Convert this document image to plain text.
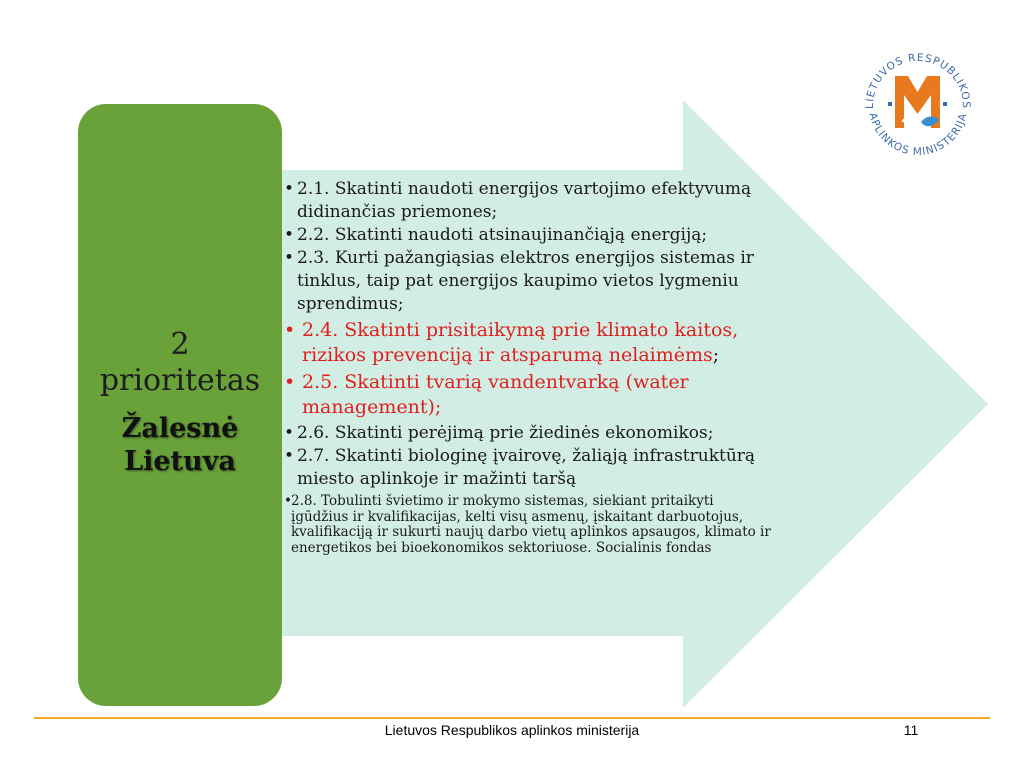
2
prioritetas
Žalesnė
Lietuva
• 2.1. Skatinti naudoti energijos vartojimo efektyvumą didinančias priemones;
• 2.2. Skatinti naudoti atsinaujinančiąją energiją;
• 2.3. Kurti pažangiąsias elektros energijos sistemas ir tinklus, taip pat energijos kaupimo vietos lygmeniu sprendimus;
• 2.4. Skatinti prisitaikymą prie klimato kaitos, rizikos prevenciją ir atsparumą nelaimėms;
• 2.5. Skatinti tvarią vandentvarką (water management);
• 2.6. Skatinti perėjimą prie žiedinės ekonomikos;
• 2.7. Skatinti biologinę įvairovę, žaliąją infrastruktūrą miesto aplinkoje ir mažinti taršą
• 2.8. Tobulinti švietimo ir mokymo sistemas, siekiant pritaikyti įgūdžius ir kvalifikacijas, kelti visų asmenų, įskaitant darbuotojus, kvalifikaciją ir sukurti naujų darbo vietų aplinkos apsaugos, klimato ir energetikos bei bioekonomikos sektoriuose. Socialinis fondas
LIETUVOS RESPUBLIKOS
APLINKOS MINISTERIJA
Lietuvos Respublikos aplinkos ministerija	11
